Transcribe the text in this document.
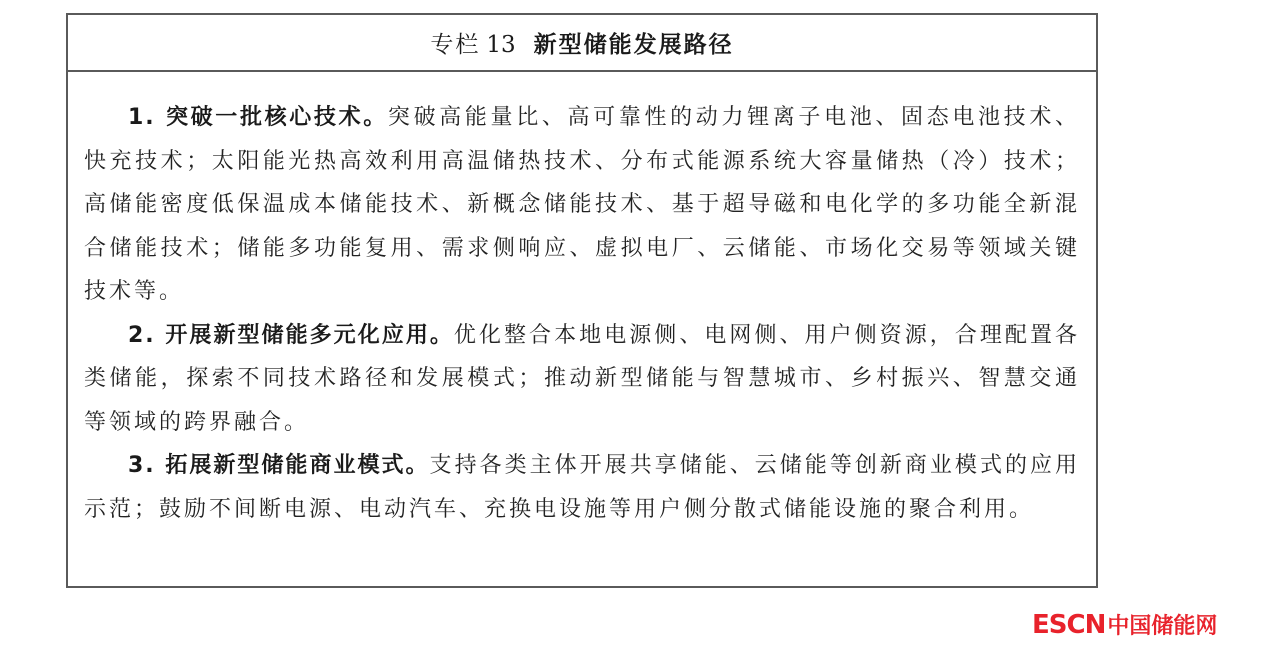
专栏 13 新型储能发展路径

1. 突破一批核心技术。突破高能量比、高可靠性的动力锂离子电池、固态电池技术、快充技术；太阳能光热高效利用高温储热技术、分布式能源系统大容量储热（冷）技术；高储能密度低保温成本储能技术、新概念储能技术、基于超导磁和电化学的多功能全新混合储能技术；储能多功能复用、需求侧响应、虚拟电厂、云储能、市场化交易等领域关键技术等。

2. 开展新型储能多元化应用。优化整合本地电源侧、电网侧、用户侧资源，合理配置各类储能，探索不同技术路径和发展模式；推动新型储能与智慧城市、乡村振兴、智慧交通等领域的跨界融合。

3. 拓展新型储能商业模式。支持各类主体开展共享储能、云储能等创新商业模式的应用示范；鼓励不间断电源、电动汽车、充换电设施等用户侧分散式储能设施的聚合利用。

ESCN 中国储能网
